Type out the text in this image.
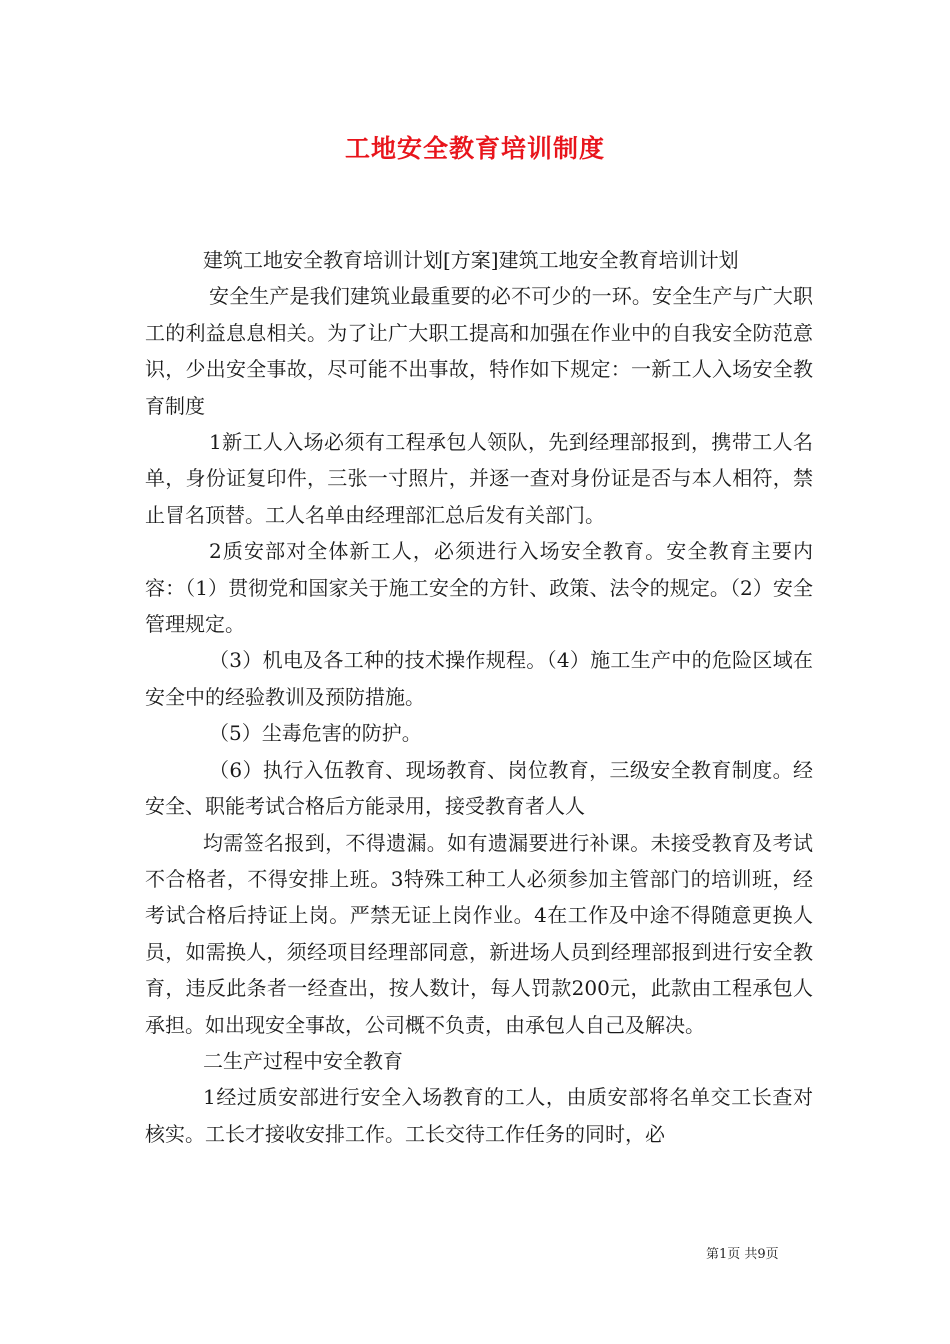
工地安全教育培训制度

建筑工地安全教育培训计划[方案]建筑工地安全教育培训计划

安全生产是我们建筑业最重要的必不可少的一环。安全生产与广大职工的利益息息相关。为了让广大职工提高和加强在作业中的自我安全防范意识，少出安全事故，尽可能不出事故，特作如下规定：一新工人入场安全教育制度

1新工人入场必须有工程承包人领队，先到经理部报到，携带工人名单，身份证复印件，三张一寸照片，并逐一查对身份证是否与本人相符，禁止冒名顶替。工人名单由经理部汇总后发有关部门。

2质安部对全体新工人，必须进行入场安全教育。安全教育主要内容：（1）贯彻党和国家关于施工安全的方针、政策、法令的规定。（2）安全管理规定。

（3）机电及各工种的技术操作规程。（4）施工生产中的危险区域在安全中的经验教训及预防措施。

（5）尘毒危害的防护。

（6）执行入伍教育、现场教育、岗位教育，三级安全教育制度。经安全、职能考试合格后方能录用，接受教育者人人

均需签名报到，不得遗漏。如有遗漏要进行补课。未接受教育及考试不合格者，不得安排上班。3特殊工种工人必须参加主管部门的培训班，经考试合格后持证上岗。严禁无证上岗作业。4在工作及中途不得随意更换人员，如需换人，须经项目经理部同意，新进场人员到经理部报到进行安全教育，违反此条者一经查出，按人数计，每人罚款200元，此款由工程承包人承担。如出现安全事故，公司概不负责，由承包人自己及解决。

二生产过程中安全教育

1经过质安部进行安全入场教育的工人，由质安部将名单交工长查对核实。工长才接收安排工作。工长交待工作任务的同时，必

第1页 共9页
